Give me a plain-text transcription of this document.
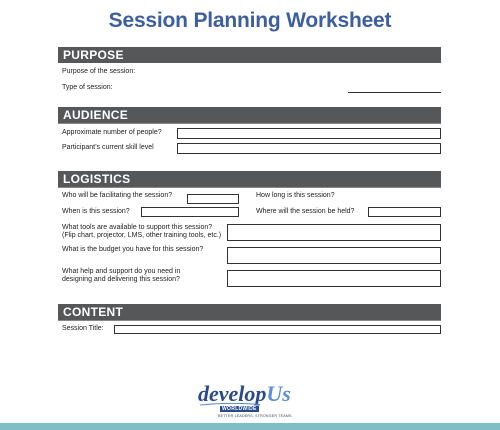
Session Planning Worksheet
PURPOSE
Purpose of the session:
Type of session:
AUDIENCE
Approximate number of people?
Participant’s current skill level
LOGISTICS
Who will be facilitating the session?	How long is this session?
When is this session?	Where will the session be held?
What tools are available to support this session?
(Flip chart, projector, LMS, other training tools, etc.)
What is the budget you have for this session?
What help and support do you need in
designing and delivering this session?
CONTENT
Session Title:
developUs
WORLDWIDE
BETTER LEADERS. STRONGER TEAMS.
